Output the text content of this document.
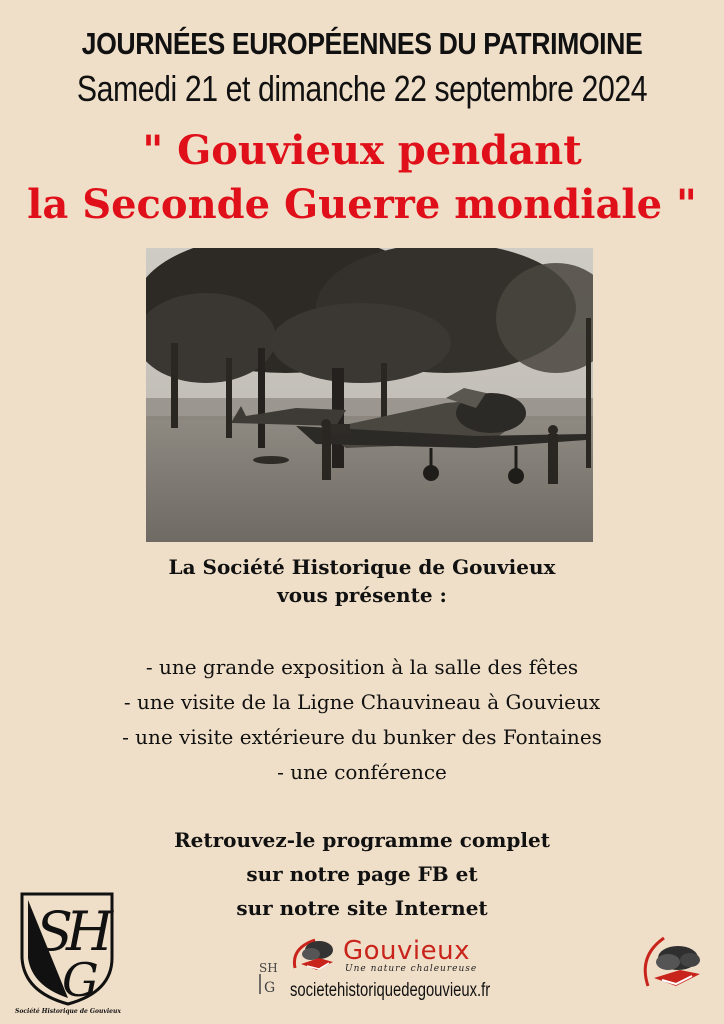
JOURNÉES EUROPÉENNES DU PATRIMOINE
Samedi 21 et dimanche 22 septembre 2024
" Gouvieux pendant
la Seconde Guerre mondiale "
La Société Historique de Gouvieux
vous présente :
- une grande exposition à la salle des fêtes
- une visite de la Ligne Chauvineau à Gouvieux
- une visite extérieure du bunker des Fontaines
- une conférence
Retrouvez-le programme complet
sur notre page FB et
sur notre site Internet
S
H
G
Société Historique de Gouvieux
Gouvieux
Une nature chaleureuse
SH
G societehistoriquedegouvieux.fr
